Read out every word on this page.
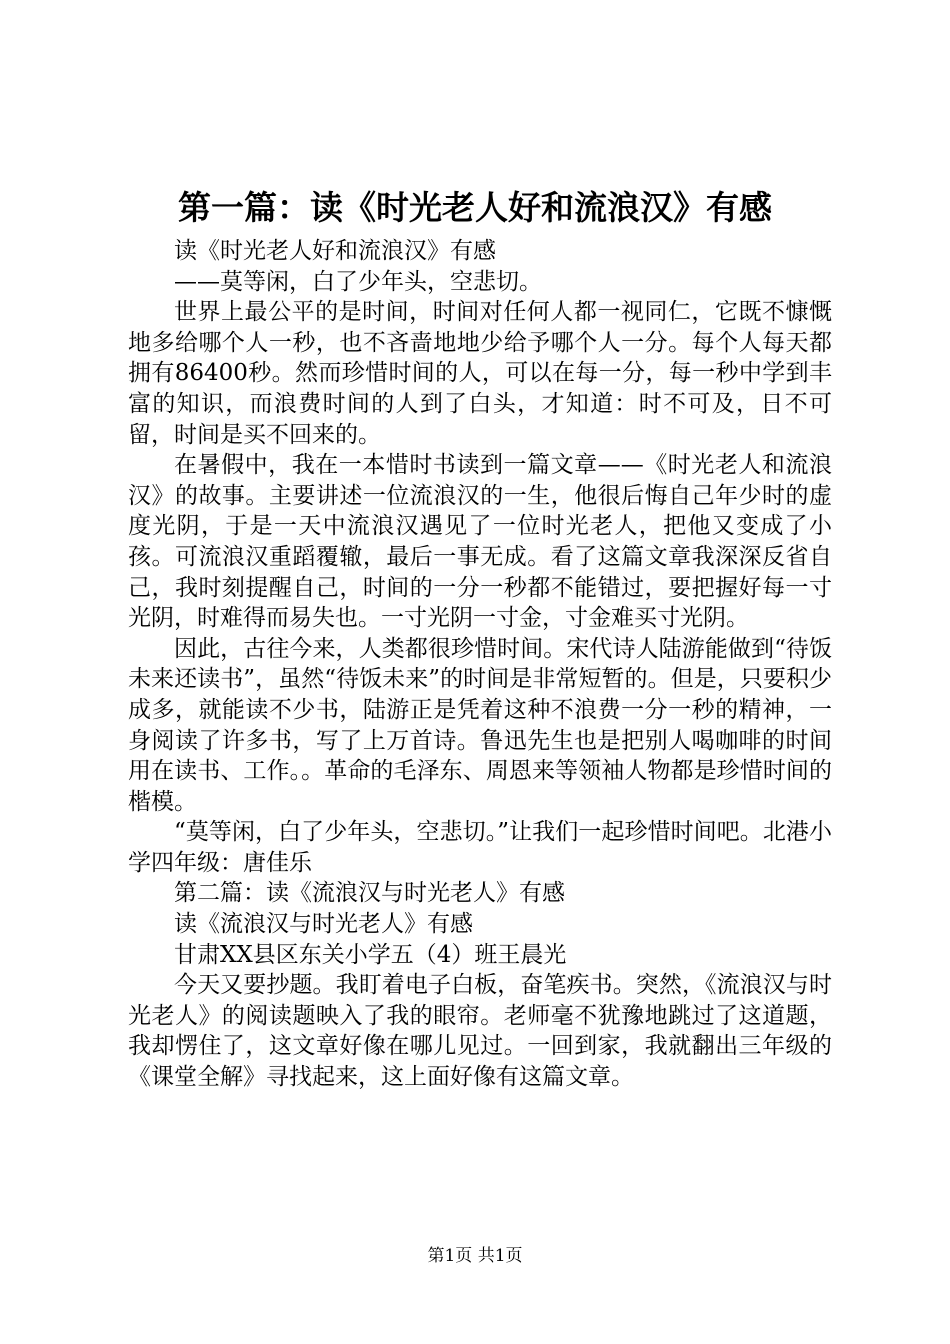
第一篇：读《时光老人好和流浪汉》有感

读《时光老人好和流浪汉》有感

——莫等闲，白了少年头，空悲切。

世界上最公平的是时间，时间对任何人都一视同仁，它既不慷慨地多给哪个人一秒，也不吝啬地地少给予哪个人一分。每个人每天都拥有86400秒。然而珍惜时间的人，可以在每一分，每一秒中学到丰富的知识，而浪费时间的人到了白头，才知道：时不可及，日不可留，时间是买不回来的。

在暑假中，我在一本惜时书读到一篇文章——《时光老人和流浪汉》的故事。主要讲述一位流浪汉的一生，他很后悔自己年少时的虚度光阴，于是一天中流浪汉遇见了一位时光老人，把他又变成了小孩。可流浪汉重蹈覆辙，最后一事无成。看了这篇文章我深深反省自己，我时刻提醒自己，时间的一分一秒都不能错过，要把握好每一寸光阴，时难得而易失也。一寸光阴一寸金，寸金难买寸光阴。

因此，古往今来，人类都很珍惜时间。宋代诗人陆游能做到“待饭未来还读书”，虽然“待饭未来”的时间是非常短暂的。但是，只要积少成多，就能读不少书，陆游正是凭着这种不浪费一分一秒的精神，一身阅读了许多书，写了上万首诗。鲁迅先生也是把别人喝咖啡的时间用在读书、工作。。革命的毛泽东、周恩来等领袖人物都是珍惜时间的楷模。

“莫等闲，白了少年头，空悲切。”让我们一起珍惜时间吧。北港小学四年级：唐佳乐

第二篇：读《流浪汉与时光老人》有感

读《流浪汉与时光老人》有感

甘肃XX县区东关小学五（4）班王晨光

今天又要抄题。我盯着电子白板，奋笔疾书。突然，《流浪汉与时光老人》的阅读题映入了我的眼帘。老师毫不犹豫地跳过了这道题，我却愣住了，这文章好像在哪儿见过。一回到家，我就翻出三年级的《课堂全解》寻找起来，这上面好像有这篇文章。

第1页 共1页
